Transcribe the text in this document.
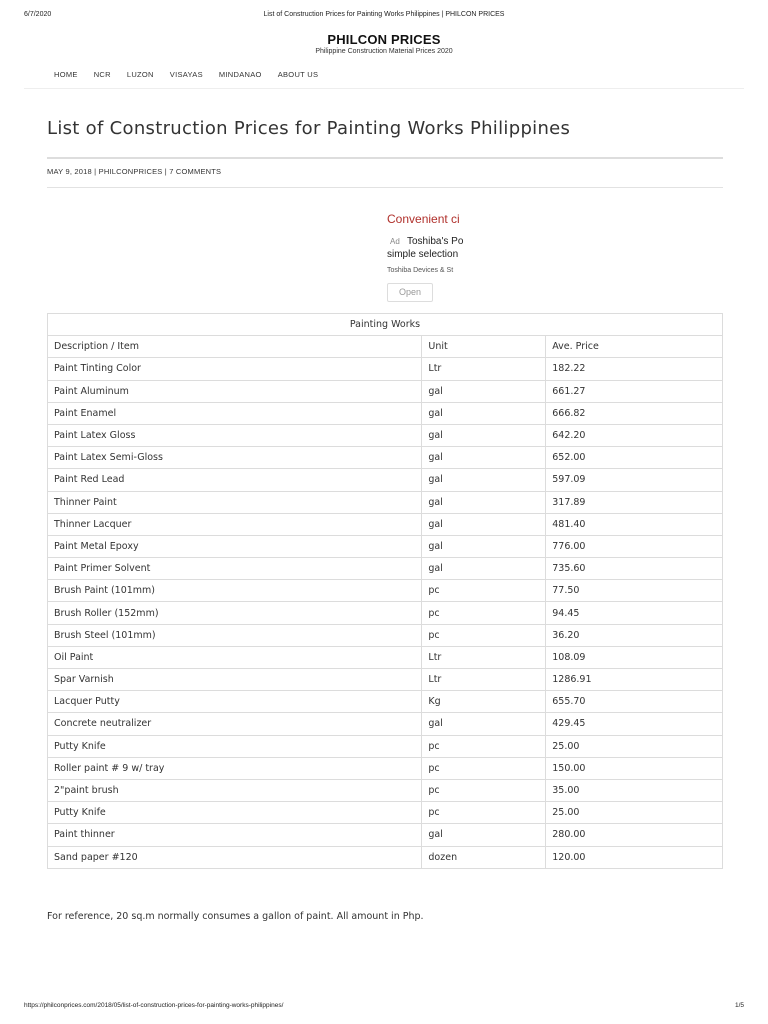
6/7/2020	List of Construction Prices for Painting Works Philippines | PHILCON PRICES
PHILCON PRICES
Philippine Construction Material Prices 2020
HOME NCR LUZON VISAYAS MINDANAO ABOUT US
List of Construction Prices for Painting Works Philippines
MAY 9, 2018 | PHILCONPRICES | 7 COMMENTS
Convenient ci
Ad Toshiba's Po
simple selection
Toshiba Devices & St
Open
Painting Works		
Description / Item	Unit	Ave. Price
Paint Tinting Color	Ltr	182.22
Paint Aluminum	gal	661.27
Paint Enamel	gal	666.82
Paint Latex Gloss	gal	642.20
Paint Latex Semi-Gloss	gal	652.00
Paint Red Lead	gal	597.09
Thinner Paint	gal	317.89
Thinner Lacquer	gal	481.40
Paint Metal Epoxy	gal	776.00
Paint Primer Solvent	gal	735.60
Brush Paint (101mm)	pc	77.50
Brush Roller (152mm)	pc	94.45
Brush Steel (101mm)	pc	36.20
Oil Paint	Ltr	108.09
Spar Varnish	Ltr	1286.91
Lacquer Putty	Kg	655.70
Concrete neutralizer	gal	429.45
Putty Knife	pc	25.00
Roller paint # 9 w/ tray	pc	150.00
2"paint brush	pc	35.00
Putty Knife	pc	25.00
Paint thinner	gal	280.00
Sand paper #120	dozen	120.00
For reference, 20 sq.m normally consumes a gallon of paint. All amount in Php.
https://philconprices.com/2018/05/list-of-construction-prices-for-painting-works-philippines/	1/5
